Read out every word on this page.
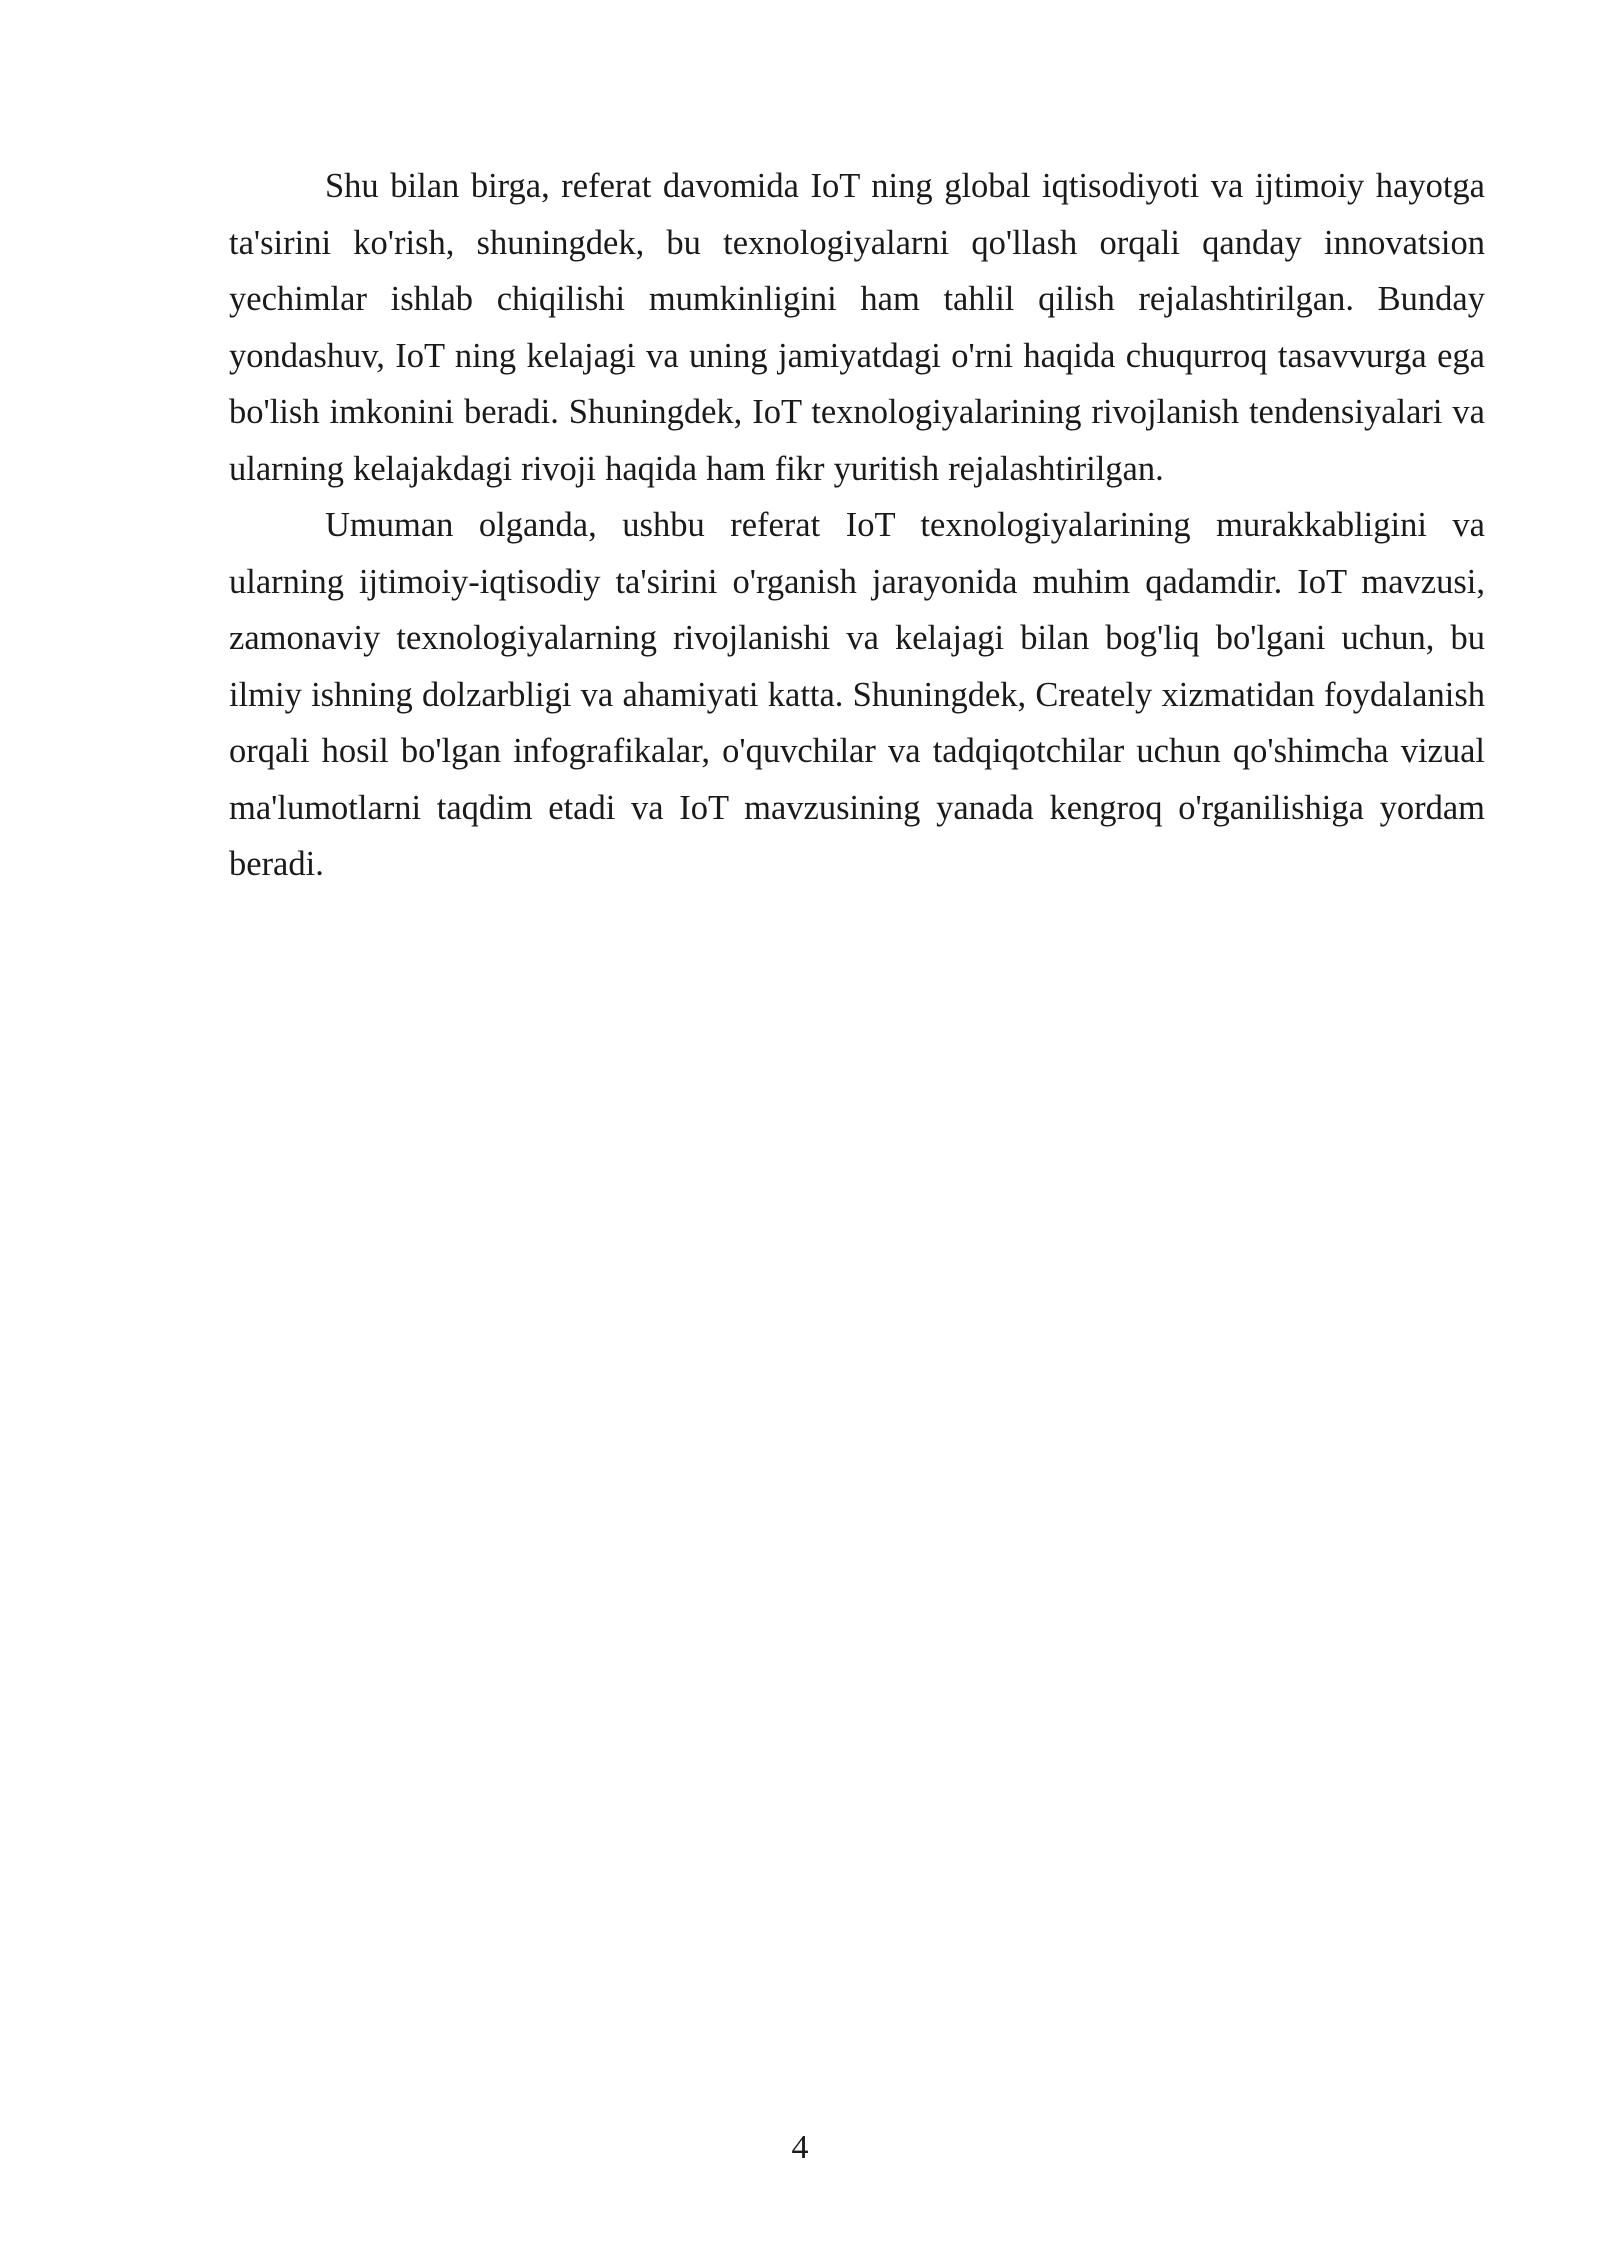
Shu bilan birga, referat davomida IoT ning global iqtisodiyoti va ijtimoiy hayotga ta'sirini ko'rish, shuningdek, bu texnologiyalarni qo'llash orqali qanday innovatsion yechimlar ishlab chiqilishi mumkinligini ham tahlil qilish rejalashtirilgan. Bunday yondashuv, IoT ning kelajagi va uning jamiyatdagi o'rni haqida chuqurroq tasavvurga ega bo'lish imkonini beradi. Shuningdek, IoT texnologiyalarining rivojlanish tendensiyalari va ularning kelajakdagi rivoji haqida ham fikr yuritish rejalashtirilgan.

Umuman olganda, ushbu referat IoT texnologiyalarining murakkabligini va ularning ijtimoiy-iqtisodiy ta'sirini o'rganish jarayonida muhim qadamdir. IoT mavzusi, zamonaviy texnologiyalarning rivojlanishi va kelajagi bilan bog'liq bo'lgani uchun, bu ilmiy ishning dolzarbligi va ahamiyati katta. Shuningdek, Creately xizmatidan foydalanish orqali hosil bo'lgan infografikalar, o'quvchilar va tadqiqotchilar uchun qo'shimcha vizual ma'lumotlarni taqdim etadi va IoT mavzusining yanada kengroq o'rganilishiga yordam beradi.

4
